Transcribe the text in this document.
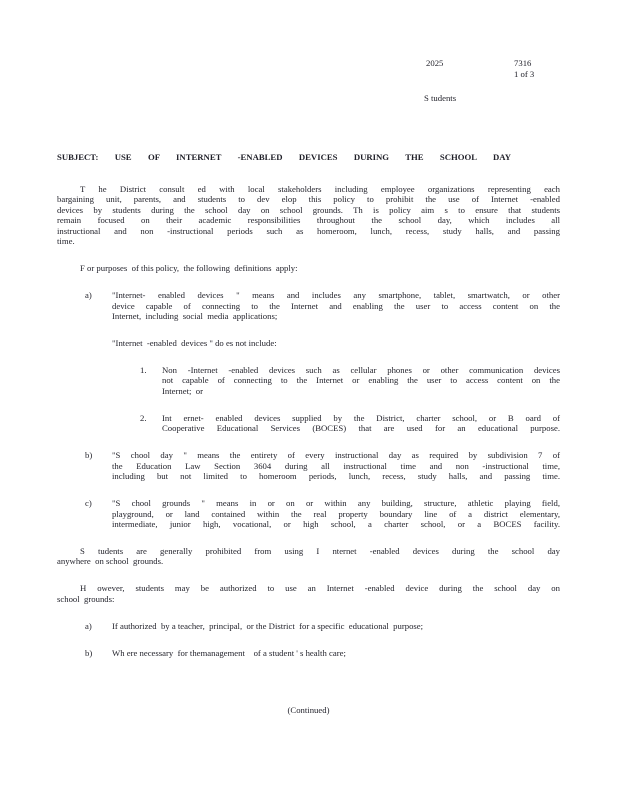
2025	7316
1 of 3
S tudents
SUBJECT: USE OF INTERNET -ENABLED DEVICES DURING THE SCHOOL DAY
T he District consult ed with local stakeholders including employee organizations representing each
bargaining unit, parents, and students to dev elop this policy to prohibit the use of Internet -enabled
devices by students during the school day on school grounds. Th is policy aim s to ensure that students
remain focused on their academic responsibilities throughout the school day, which includes all
instructional and non -instructional periods such as homeroom, lunch, recess, study halls, and passing
time.
F or purposes  of this policy,  the following  definitions  apply:
a) "Internet- enabled devices " means and includes any smartphone, tablet, smartwatch, or other
device capable of connecting to the Internet and enabling the user to access content on the
Internet,  including  social  media  applications;
"Internet  -enabled  devices " do es not include:
1. Non -Internet -enabled devices such as cellular phones or other communication devices
not capable of connecting to the Internet or enabling the user to access content on the
Internet;  or
2. Int ernet- enabled devices supplied by the District, charter school, or B oard of
Cooperative Educational Services (BOCES) that are used for an educational purpose.
b) "S chool day " means the entirety of every instructional day as required by subdivision 7 of
the Education Law Section 3604 during all instructional time and non -instructional time,
including but not limited to homeroom periods, lunch, recess, study halls, and passing time.
c) "S chool grounds " means in or on or within any building, structure, athletic playing field,
playground, or land contained within the real property boundary line of a district elementary,
intermediate, junior high, vocational, or high school, a charter school, or a BOCES facility.
S tudents are generally prohibited from using I nternet -enabled devices during the school day
anywhere  on school  grounds.
H owever, students may be authorized to use an Internet -enabled device during the school day on
school  grounds:
a) If authorized  by a teacher,  principal,  or the District  for a specific  educational  purpose;
b) Wh ere necessary  for themanagement    of a student ' s health care;
(Continued)
